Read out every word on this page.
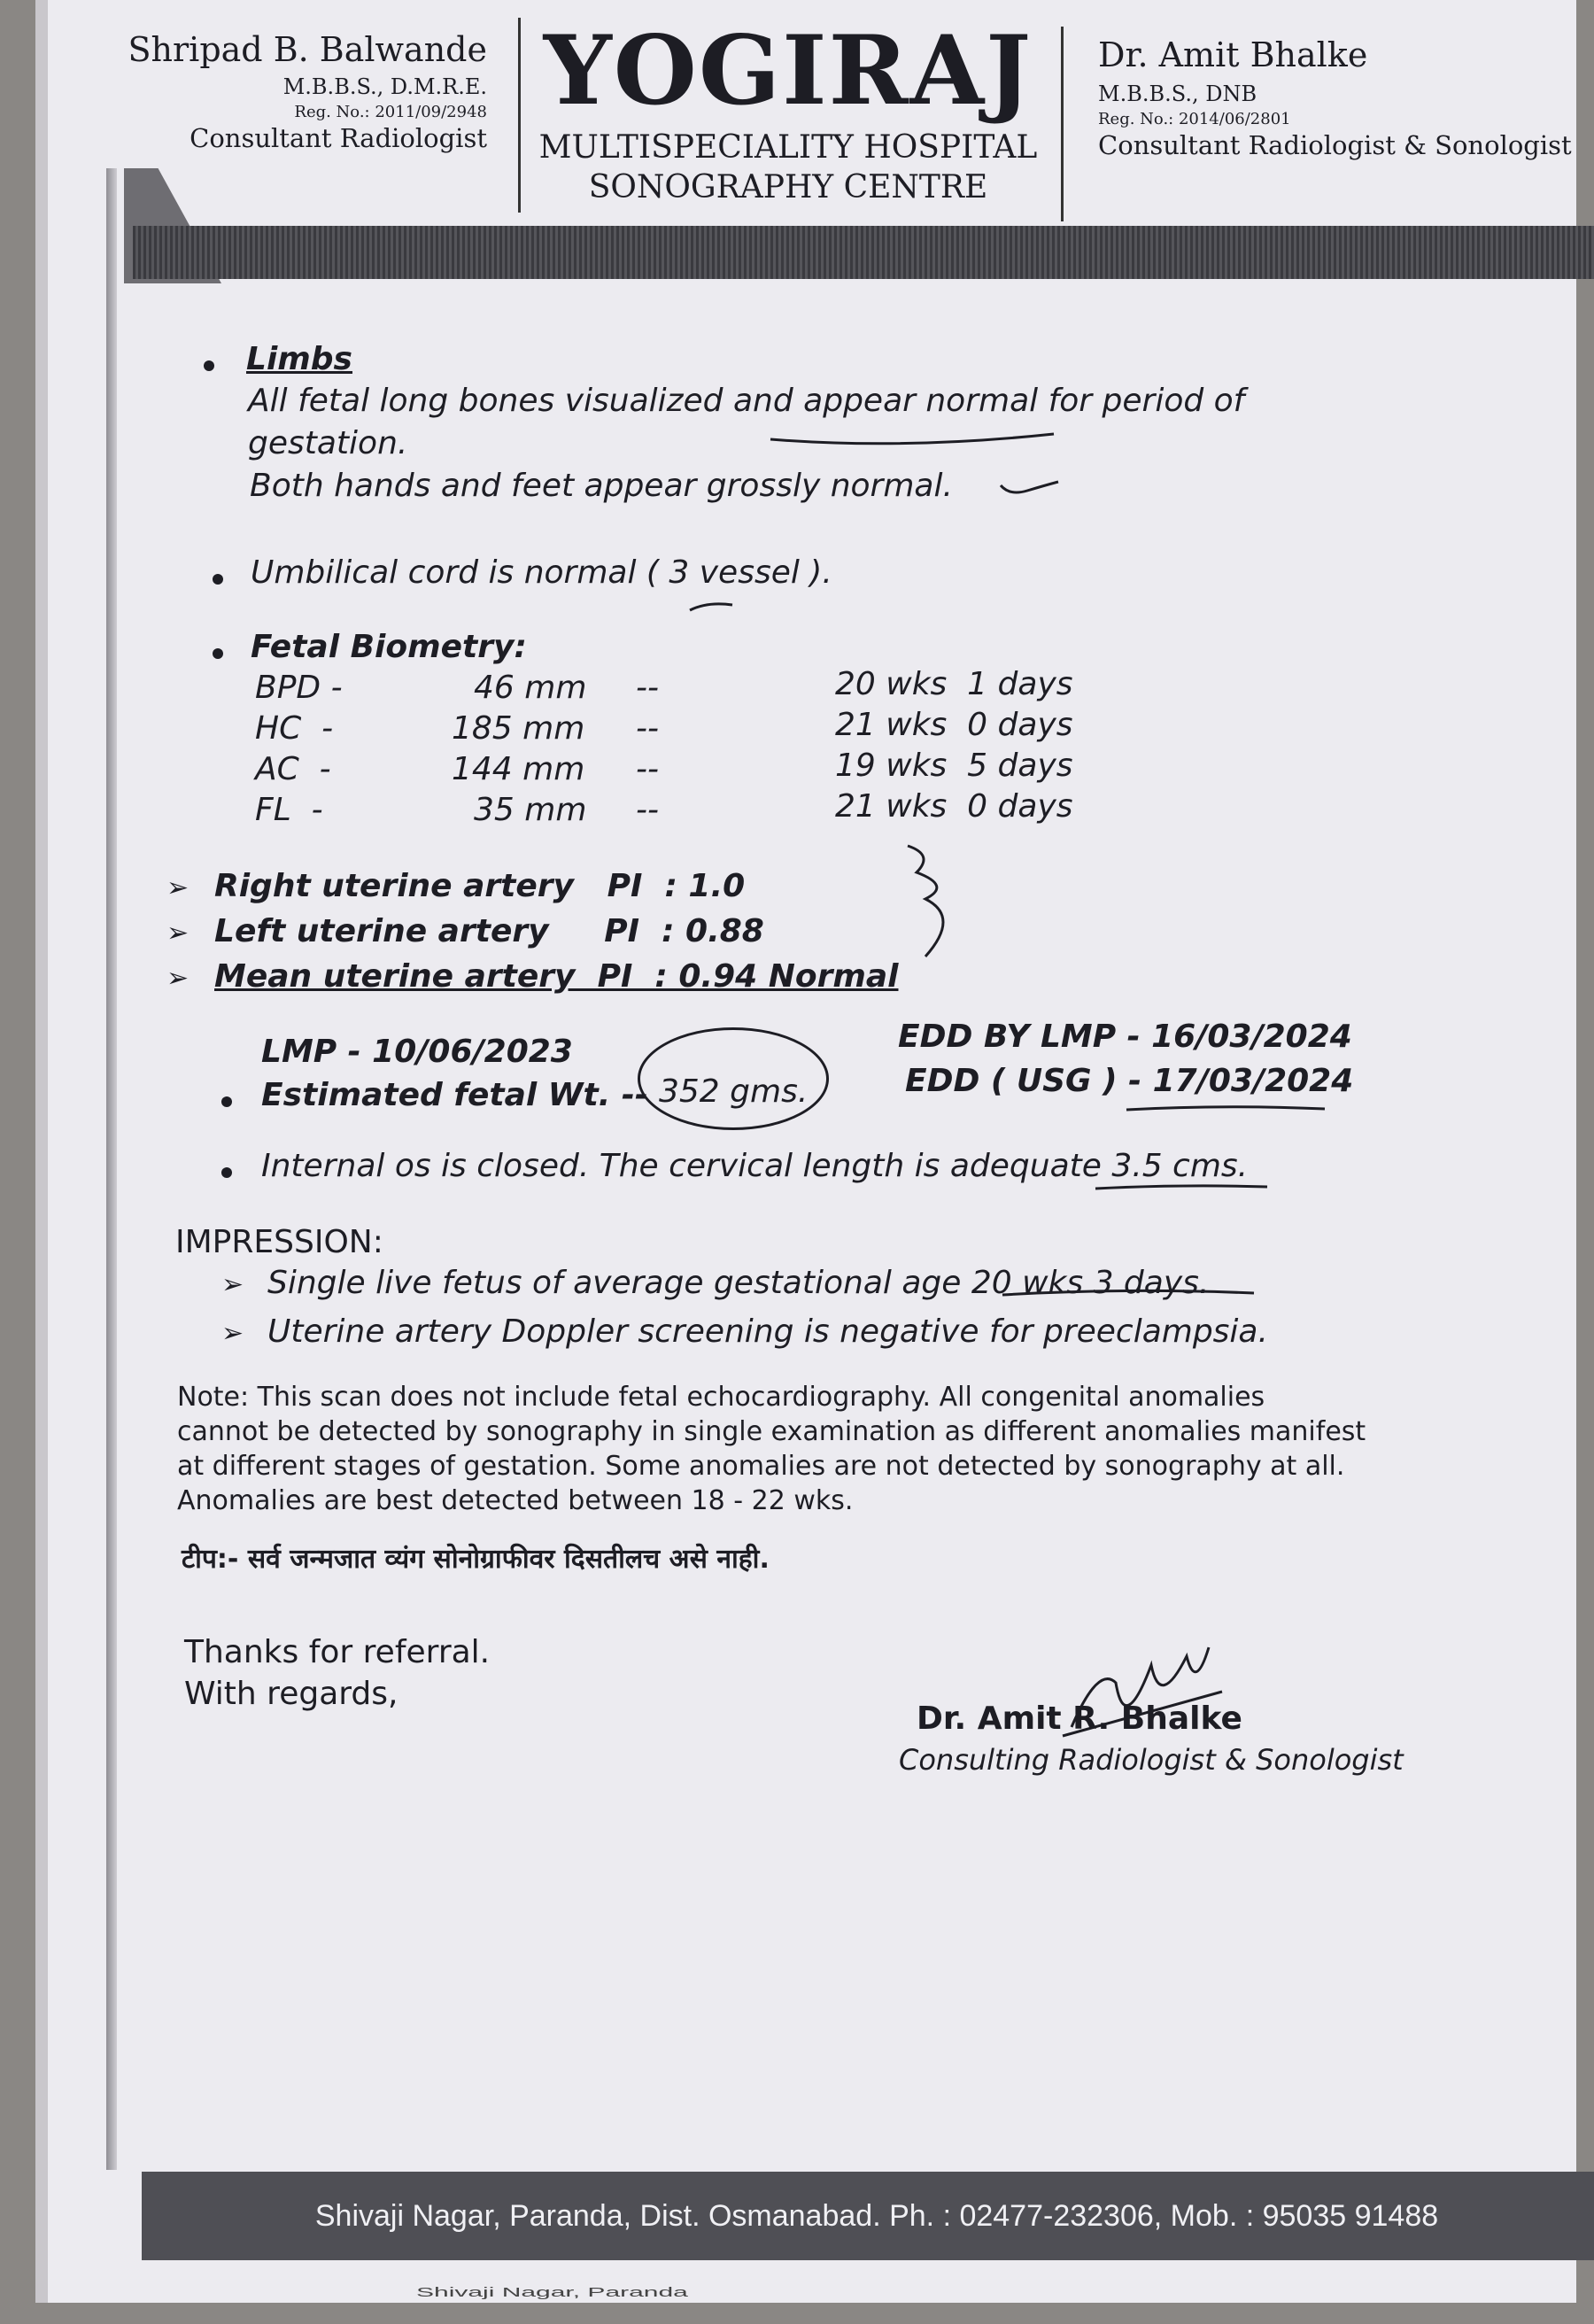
Shripad B. Balwande
M.B.B.S., D.M.R.E.
Reg. No.: 2011/09/2948
Consultant Radiologist
YOGIRAJ
MULTISPECIALITY HOSPITAL
SONOGRAPHY CENTRE
Dr. Amit Bhalke
M.B.B.S., DNB
Reg. No.: 2014/06/2801
Consultant Radiologist & Sonologist
Limbs
All fetal long bones visualized and appear normal for period of
gestation.
Both hands and feet appear grossly normal.
Umbilical cord is normal ( 3 vessel ).
Fetal Biometry:
BPD -	46 mm --	20 wks  1 days
HC  -	185 mm --	21 wks  0 days
AC  -	144 mm --	19 wks  5 days
FL  -	35 mm --	21 wks  0 days
➢ Right uterine artery   PI  : 1.0
➢ Left uterine artery     PI  : 0.88
➢ Mean uterine artery  PI  : 0.94 Normal
LMP - 10/06/2023	EDD BY LMP - 16/03/2024
Estimated fetal Wt. -- 352 gms.	EDD ( USG ) - 17/03/2024
Internal os is closed. The cervical length is adequate 3.5 cms.
IMPRESSION:
➢ Single live fetus of average gestational age 20 wks 3 days.
➢ Uterine artery Doppler screening is negative for preeclampsia.
Note: This scan does not include fetal echocardiography. All congenital anomalies
cannot be detected by sonography in single examination as different anomalies manifest
at different stages of gestation. Some anomalies are not detected by sonography at all.
Anomalies are best detected between 18 - 22 wks.
टीप:- सर्व जन्मजात व्यंग सोनोग्राफीवर दिसतीलच असे नाही.
Thanks for referral.
With regards,
Dr. Amit R. Bhalke
Consulting Radiologist & Sonologist
Shivaji Nagar, Paranda, Dist. Osmanabad. Ph. : 02477-232306, Mob. : 95035 91488
Shivaji Nagar, Paranda
